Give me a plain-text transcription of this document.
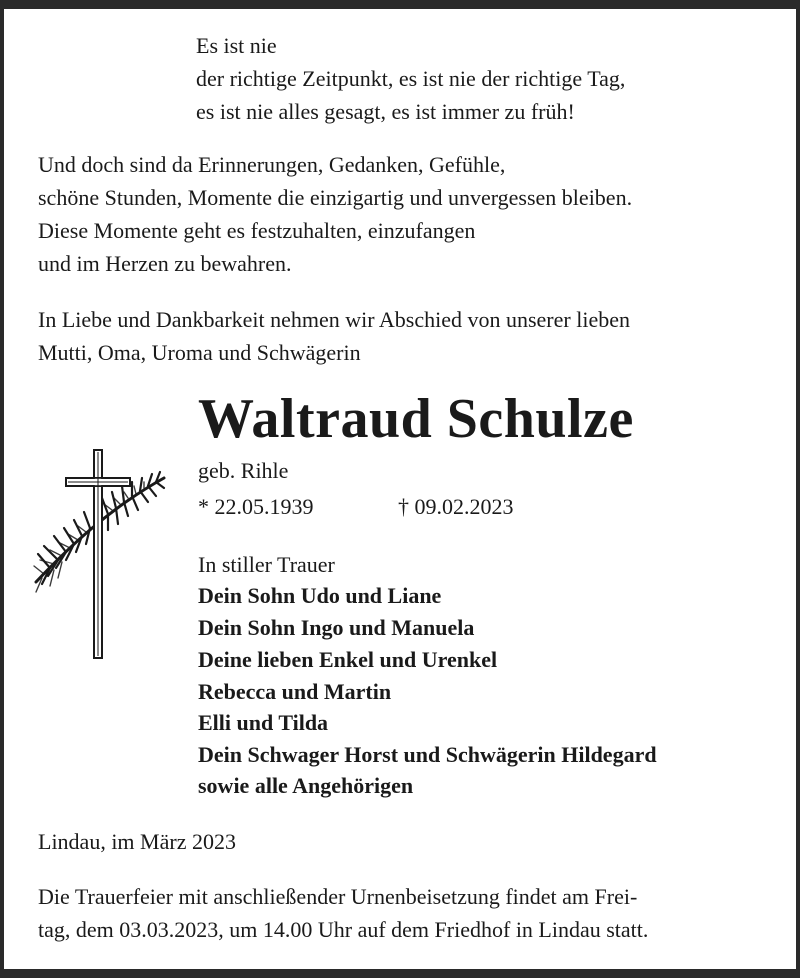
Es ist nie
der richtige Zeitpunkt, es ist nie der richtige Tag,
es ist nie alles gesagt, es ist immer zu früh!
Und doch sind da Erinnerungen, Gedanken, Gefühle,
schöne Stunden, Momente die einzigartig und unvergessen bleiben.
Diese Momente geht es festzuhalten, einzufangen
und im Herzen zu bewahren.
In Liebe und Dankbarkeit nehmen wir Abschied von unserer lieben
Mutti, Oma, Uroma und Schwägerin
Waltraud Schulze
geb. Rihle
* 22.05.1939	† 09.02.2023
In stiller Trauer
Dein Sohn Udo und Liane
Dein Sohn Ingo und Manuela
Deine lieben Enkel und Urenkel
Rebecca und Martin
Elli und Tilda
Dein Schwager Horst und Schwägerin Hildegard
sowie alle Angehörigen
Lindau, im März 2023
Die Trauerfeier mit anschließender Urnenbeisetzung findet am Frei-
tag, dem 03.03.2023, um 14.00 Uhr auf dem Friedhof in Lindau statt.
